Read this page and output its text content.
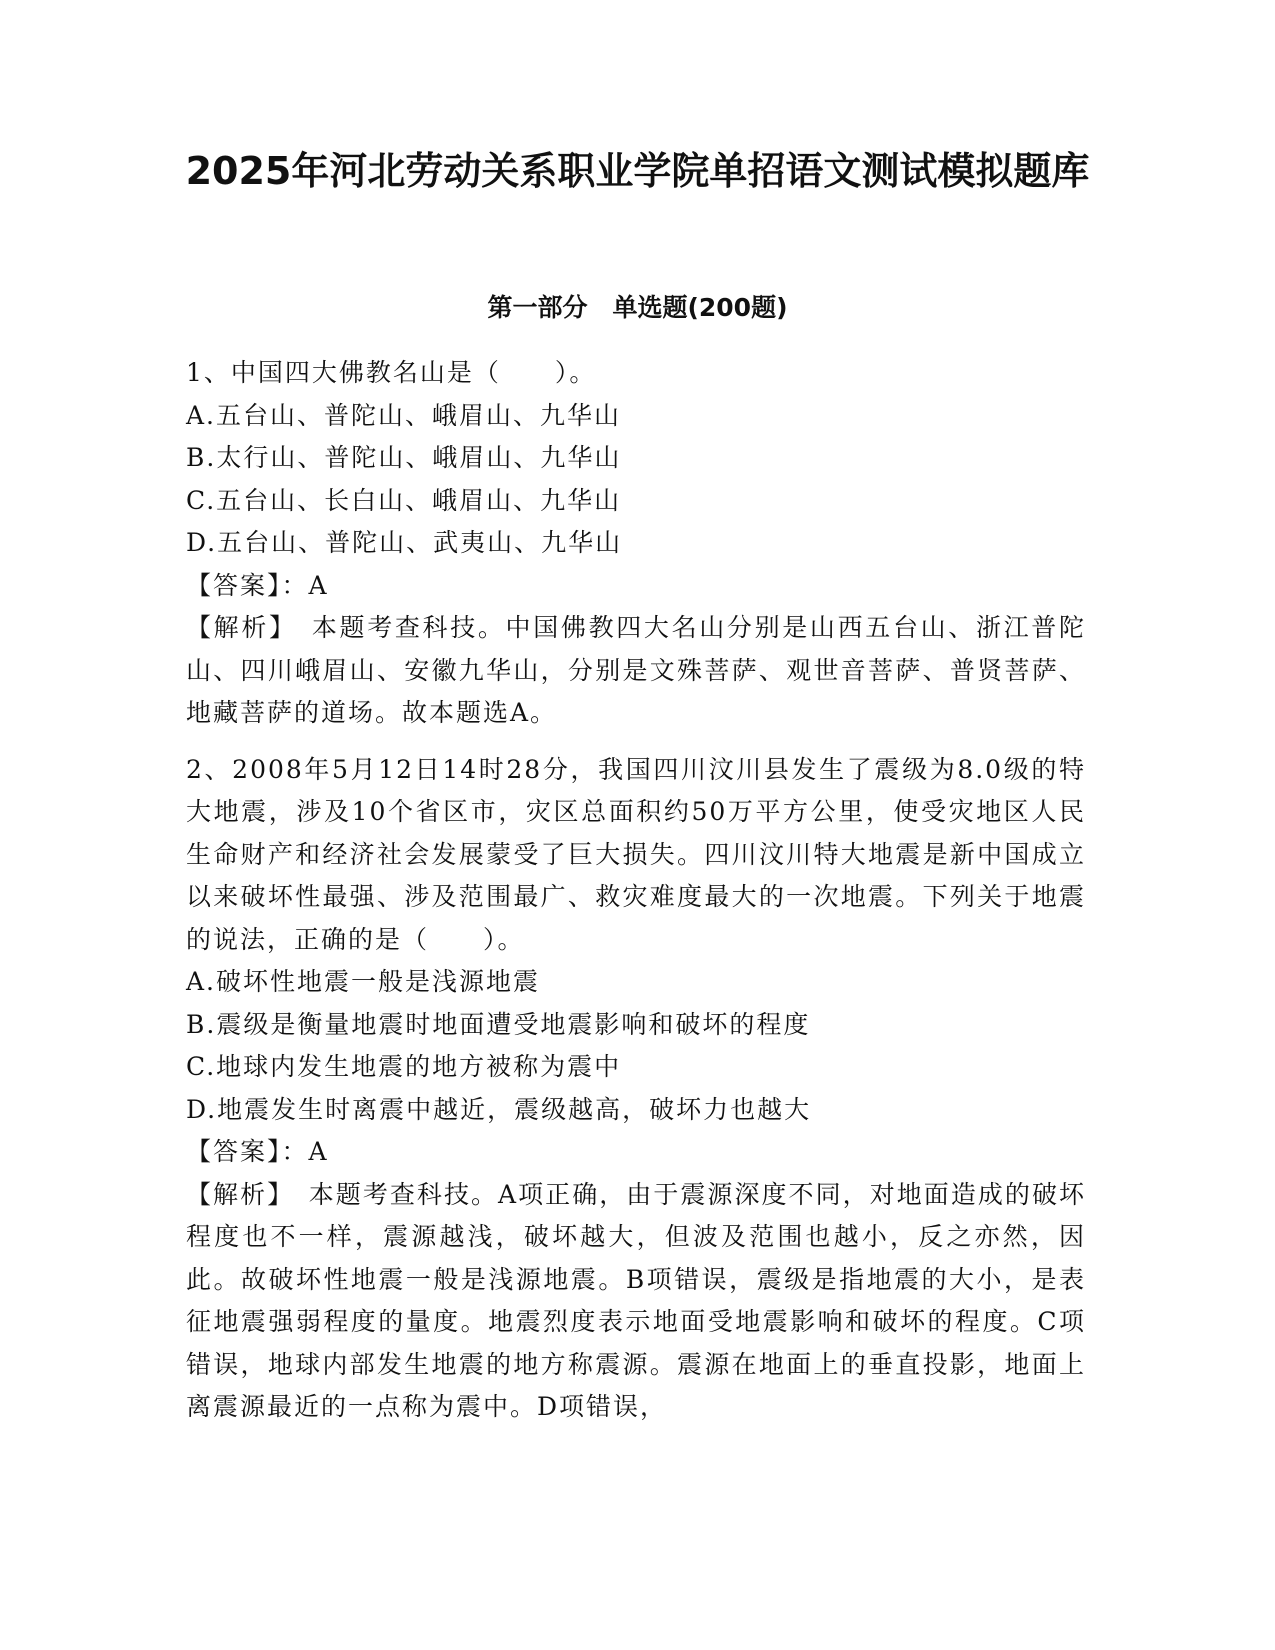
2025年河北劳动关系职业学院单招语文测试模拟题库
第一部分　单选题(200题)

1、中国四大佛教名山是（　　）。

A.五台山、普陀山、峨眉山、九华山

B.太行山、普陀山、峨眉山、九华山

C.五台山、长白山、峨眉山、九华山

D.五台山、普陀山、武夷山、九华山

【答案】：A

【解析】　本题考查科技。中国佛教四大名山分别是山西五台山、浙江普陀山、四川峨眉山、安徽九华山，分别是文殊菩萨、观世音菩萨、普贤菩萨、地藏菩萨的道场。故本题选A。

2、2008年5月12日14时28分，我国四川汶川县发生了震级为8.0级的特大地震，涉及10个省区市，灾区总面积约50万平方公里，使受灾地区人民生命财产和经济社会发展蒙受了巨大损失。四川汶川特大地震是新中国成立以来破坏性最强、涉及范围最广、救灾难度最大的一次地震。下列关于地震的说法，正确的是（　　）。

A.破坏性地震一般是浅源地震

B.震级是衡量地震时地面遭受地震影响和破坏的程度

C.地球内发生地震的地方被称为震中

D.地震发生时离震中越近，震级越高，破坏力也越大

【答案】：A

【解析】　本题考查科技。A项正确，由于震源深度不同，对地面造成的破坏程度也不一样，震源越浅，破坏越大，但波及范围也越小，反之亦然，因此。故破坏性地震一般是浅源地震。B项错误，震级是指地震的大小，是表征地震强弱程度的量度。地震烈度表示地面受地震影响和破坏的程度。C项错误，地球内部发生地震的地方称震源。震源在地面上的垂直投影，地面上离震源最近的一点称为震中。D项错误，
